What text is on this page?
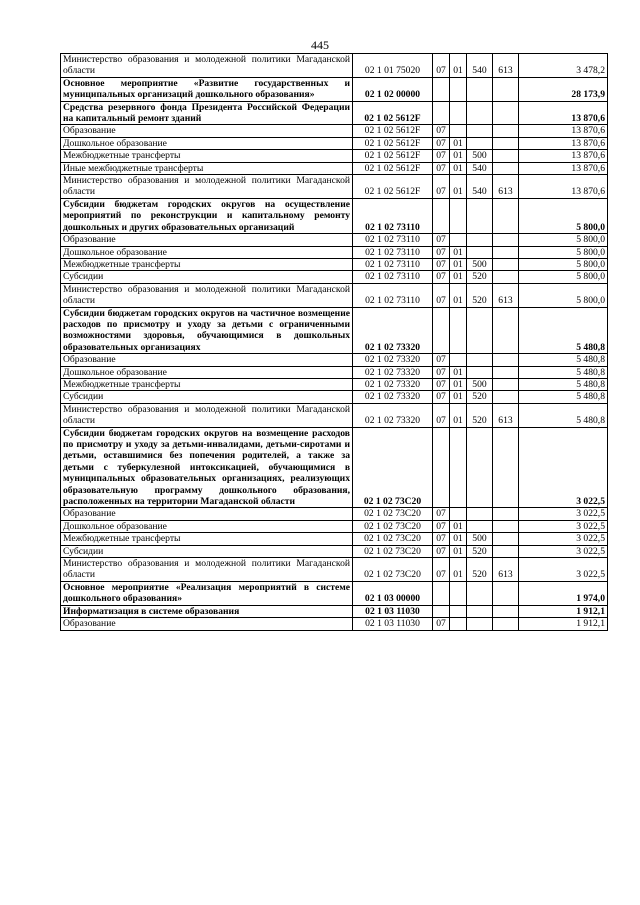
445
Министерство образования и молодежной политики Магаданской области	02 1 01 75020	07	01	540	613	3 478,2
Основное мероприятие «Развитие государственных и муниципальных организаций дошкольного образования»	02 1 02 00000					28 173,9
Средства резервного фонда Президента Российской Федерации на капитальный ремонт зданий	02 1 02 5612F					13 870,6
Образование	02 1 02 5612F	07				13 870,6
Дошкольное образование	02 1 02 5612F	07	01			13 870,6
Межбюджетные трансферты	02 1 02 5612F	07	01	500		13 870,6
Иные межбюджетные трансферты	02 1 02 5612F	07	01	540		13 870,6
Министерство образования и молодежной политики Магаданской области	02 1 02 5612F	07	01	540	613	13 870,6
Субсидии бюджетам городских округов на осуществление мероприятий по реконструкции и капитальному ремонту дошкольных и других образовательных организаций	02 1 02 73110					5 800,0
Образование	02 1 02 73110	07				5 800,0
Дошкольное образование	02 1 02 73110	07	01			5 800,0
Межбюджетные трансферты	02 1 02 73110	07	01	500		5 800,0
Субсидии	02 1 02 73110	07	01	520		5 800,0
Министерство образования и молодежной политики Магаданской области	02 1 02 73110	07	01	520	613	5 800,0
Субсидии бюджетам городских округов на частичное возмещение расходов по присмотру и уходу за детьми с ограниченными возможностями здоровья, обучающимися в дошкольных образовательных организациях	02 1 02 73320					5 480,8
Образование	02 1 02 73320	07				5 480,8
Дошкольное образование	02 1 02 73320	07	01			5 480,8
Межбюджетные трансферты	02 1 02 73320	07	01	500		5 480,8
Субсидии	02 1 02 73320	07	01	520		5 480,8
Министерство образования и молодежной политики Магаданской области	02 1 02 73320	07	01	520	613	5 480,8
Субсидии бюджетам городских округов на возмещение расходов по присмотру и уходу за детьми-инвалидами, детьми-сиротами и детьми, оставшимися без попечения родителей, а также за детьми с туберкулезной интоксикацией, обучающимися в муниципальных образовательных организациях, реализующих образовательную программу дошкольного образования, расположенных на территории Магаданской области	02 1 02 73С20					3 022,5
Образование	02 1 02 73С20	07				3 022,5
Дошкольное образование	02 1 02 73С20	07	01			3 022,5
Межбюджетные трансферты	02 1 02 73С20	07	01	500		3 022,5
Субсидии	02 1 02 73С20	07	01	520		3 022,5
Министерство образования и молодежной политики Магаданской области	02 1 02 73С20	07	01	520	613	3 022,5
Основное мероприятие «Реализация мероприятий в системе дошкольного образования»	02 1 03 00000					1 974,0
Информатизация в системе образования	02 1 03 11030					1 912,1
Образование	02 1 03 11030	07				1 912,1
